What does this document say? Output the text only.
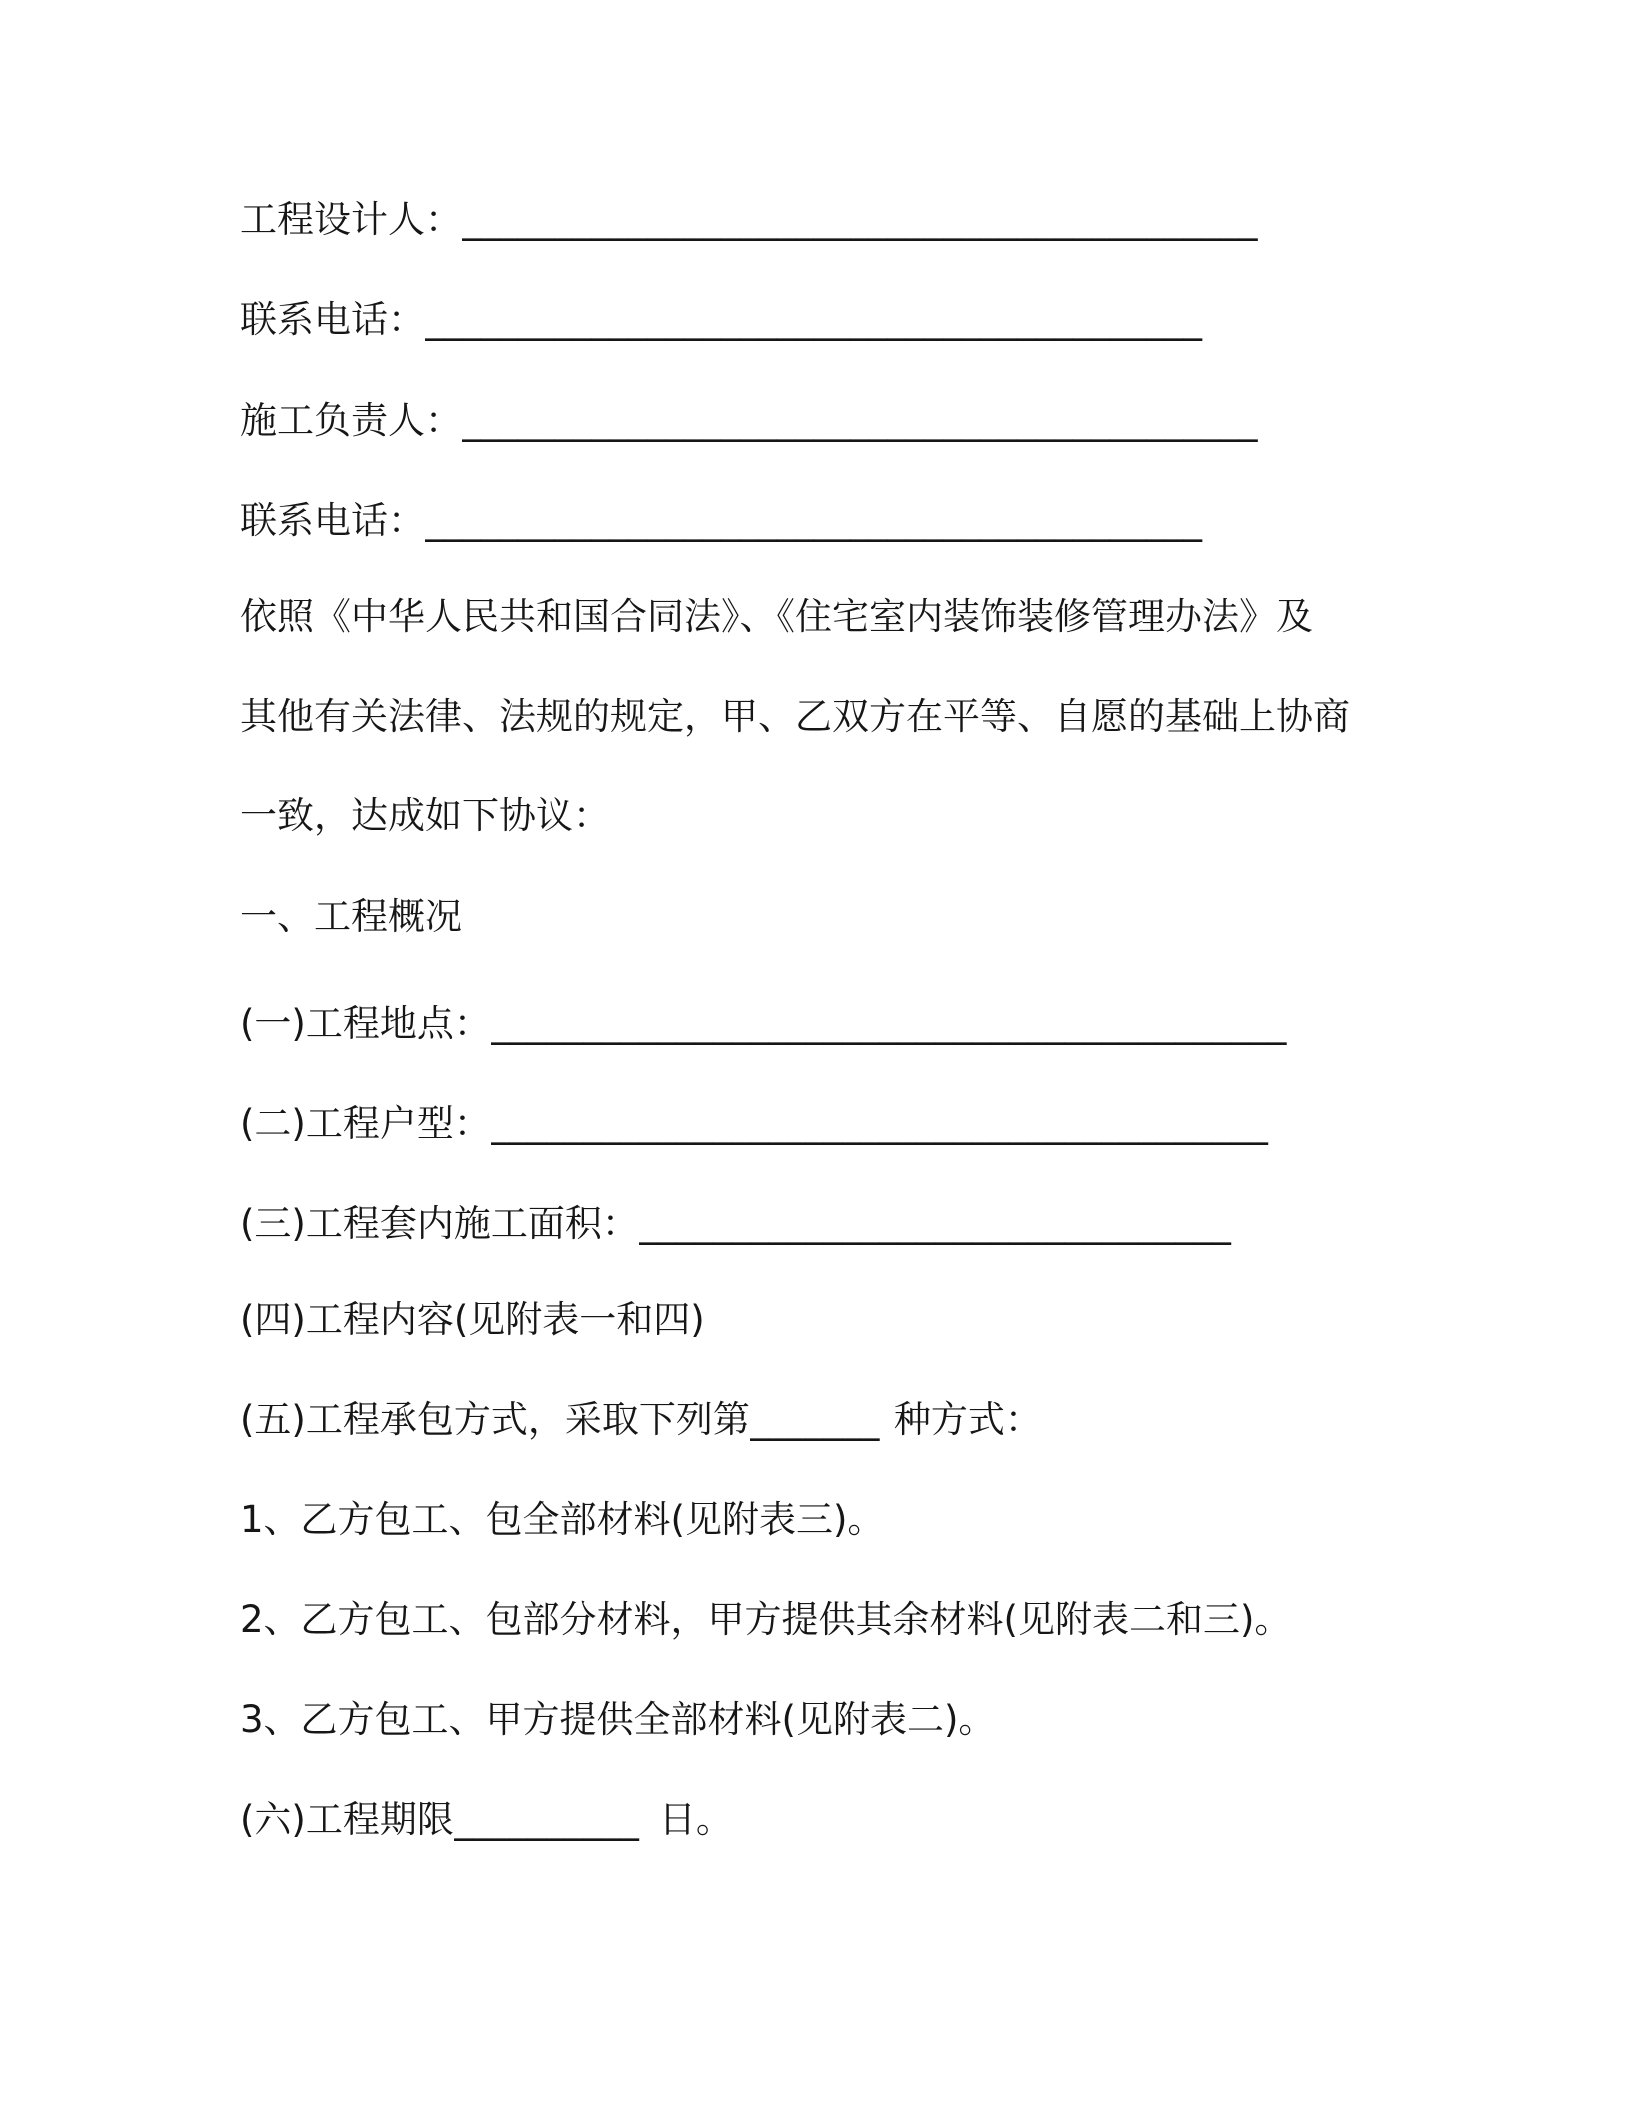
工程设计人：___________________________________________
联系电话：__________________________________________
施工负责人：___________________________________________
联系电话：__________________________________________
依照《中华人民共和国合同法》、《住宅室内装饰装修管理办法》及
其他有关法律、法规的规定，甲、乙双方在平等、自愿的基础上协商
一致，达成如下协议：
一、工程概况
(一)工程地点：___________________________________________
(二)工程户型：__________________________________________
(三)工程套内施工面积：________________________________
(四)工程内容(见附表一和四)
(五)工程承包方式，采取下列第_______ 种方式：
1、乙方包工、包全部材料(见附表三)。
2、乙方包工、包部分材料，甲方提供其余材料(见附表二和三)。
3、乙方包工、甲方提供全部材料(见附表二)。
(六)工程期限__________ 日。
